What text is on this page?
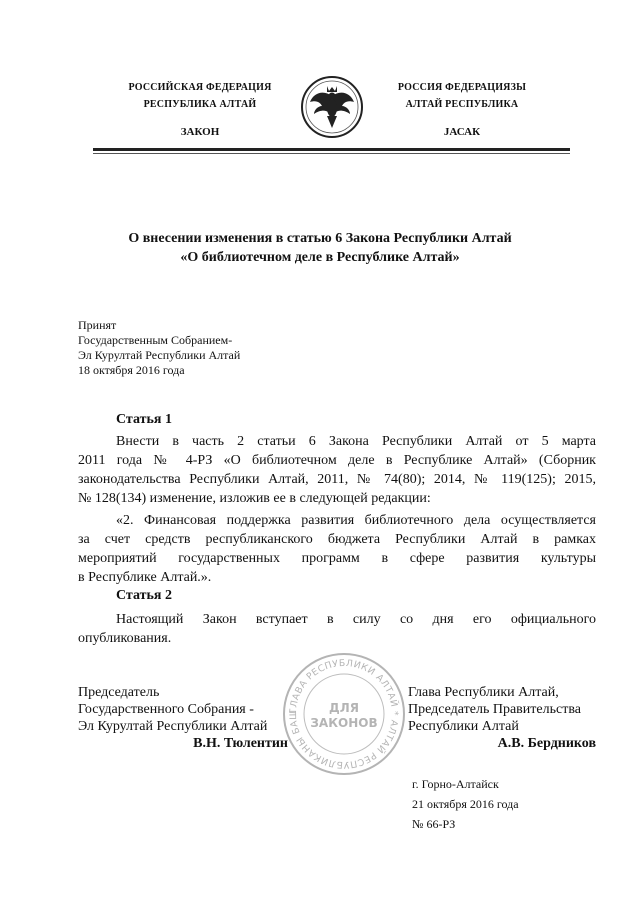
РОССИЙСКАЯ ФЕДЕРАЦИЯ
РЕСПУБЛИКА АЛТАЙ
ЗАКОН
РОССИЯ ФЕДЕРАЦИЯЗЫ
АЛТАЙ РЕСПУБЛИКА
JАСАК
О внесении изменения в статью 6 Закона Республики Алтай
«О библиотечном деле в Республике Алтай»
Принят
Государственным Собранием-
Эл Курултай Республики Алтай
18 октября 2016 года
Статья 1
Внести в часть 2 статьи 6 Закона Республики Алтай от 5 марта
2011 года № 4-РЗ «О библиотечном деле в Республике Алтай» (Сборник
законодательства Республики Алтай, 2011, № 74(80); 2014, № 119(125); 2015,
№ 128(134) изменение, изложив ее в следующей редакции:
«2. Финансовая поддержка развития библиотечного дела осуществляется
за счет средств республиканского бюджета Республики Алтай в рамках
мероприятий государственных программ в сфере развития культуры
в Республике Алтай.».
Статья 2
Настоящий Закон вступает в силу со дня его официального
опубликования.
ГЛАВА РЕСПУБЛИКИ АЛТАЙ * АЛТАЙ РЕСПУБЛИКАНЫ БАШ	ДЛЯ
ЗАКОНОВ
Председатель
Государственного Собрания -
Эл Курултай Республики Алтай
В.Н. Тюлентин
Глава Республики Алтай,
Председатель Правительства
Республики Алтай
А.В. Бердников
г. Горно-Алтайск
21 октября 2016 года
№ 66-РЗ
